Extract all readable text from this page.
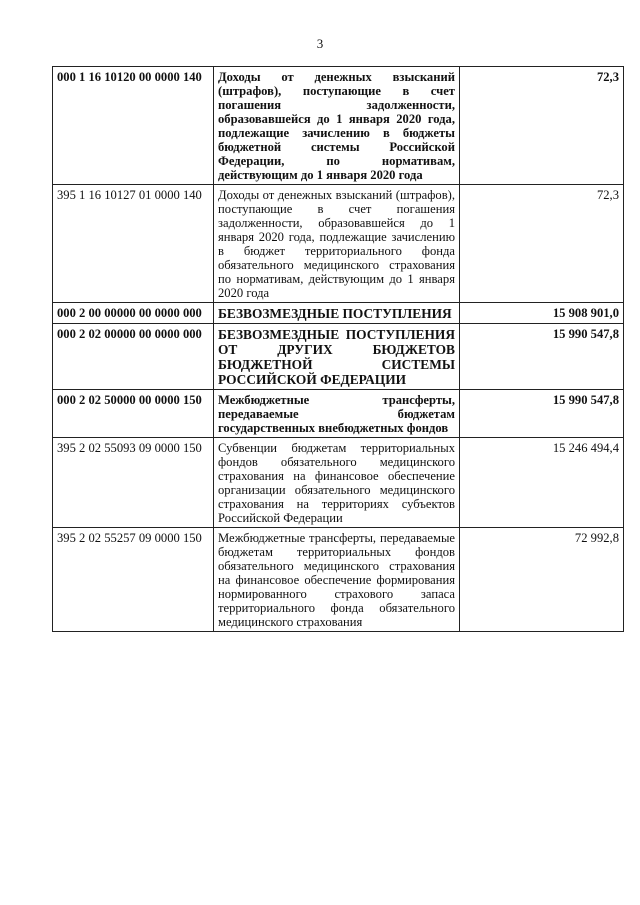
3
000 1 16 10120 00 0000 140	Доходы от денежных взысканий (штрафов), поступающие в счет погашения задолженности, образовавшейся до 1 января 2020 года, подлежащие зачислению в бюджеты бюджетной системы Российской Федерации, по нормативам, действующим до 1 января 2020 года	72,3
395 1 16 10127 01 0000 140	Доходы от денежных взысканий (штрафов), поступающие в счет погашения задолженности, образовавшейся до 1 января 2020 года, подлежащие зачислению в бюджет территориального фонда обязательного медицинского страхования по нормативам, действующим до 1 января 2020 года	72,3
000 2 00 00000 00 0000 000	БЕЗВОЗМЕЗДНЫЕ ПОСТУПЛЕНИЯ	15 908 901,0
000 2 02 00000 00 0000 000	БЕЗВОЗМЕЗДНЫЕ ПОСТУПЛЕНИЯ ОТ ДРУГИХ БЮДЖЕТОВ БЮДЖЕТНОЙ СИСТЕМЫ РОССИЙСКОЙ ФЕДЕРАЦИИ	15 990 547,8
000 2 02 50000 00 0000 150	Межбюджетные трансферты, передаваемые бюджетам государственных внебюджетных фондов	15 990 547,8
395 2 02 55093 09 0000 150	Субвенции бюджетам территориальных фондов обязательного медицинского страхования на финансовое обеспечение организации обязательного медицинского страхования на территориях субъектов Российской Федерации	15 246 494,4
395 2 02 55257 09 0000 150	Межбюджетные трансферты, передаваемые бюджетам территориальных фондов обязательного медицинского страхования на финансовое обеспечение формирования нормированного страхового запаса территориального фонда обязательного медицинского страхования	72 992,8
